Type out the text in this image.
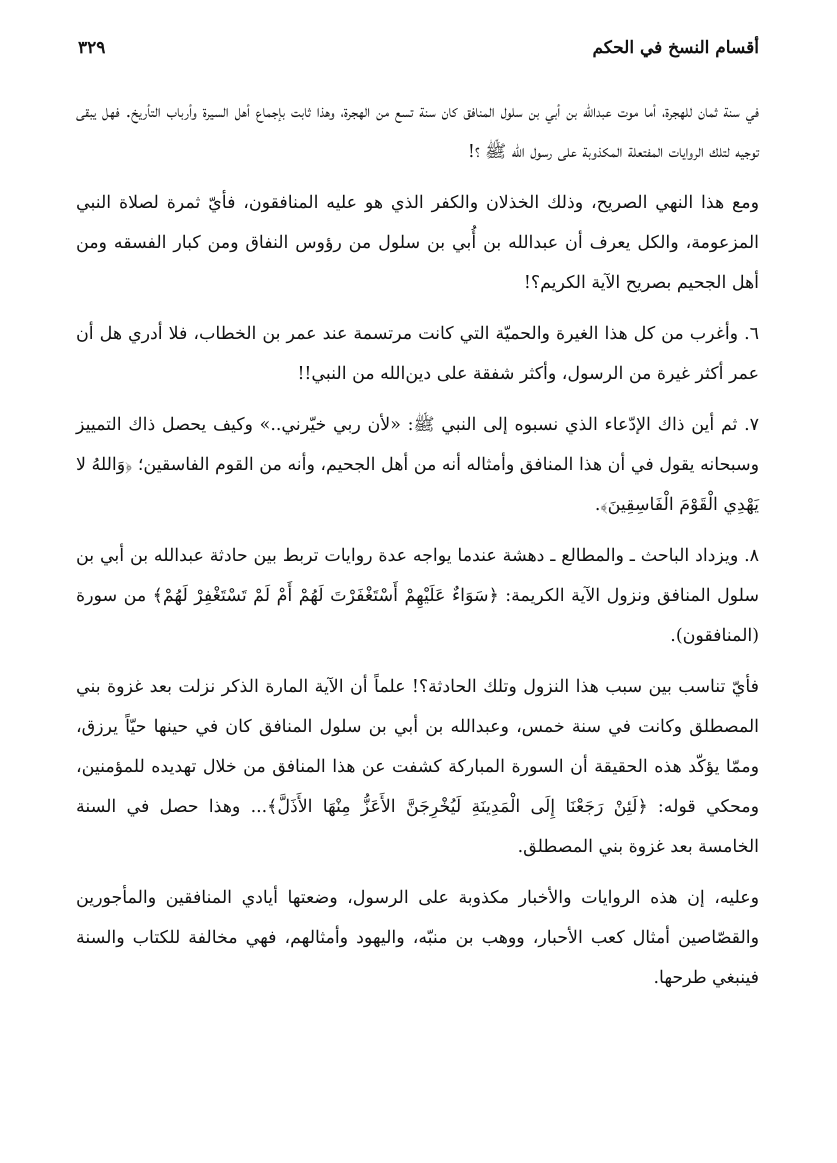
أقسام النسخ في الحكم
٣٢٩

في سنة ثمان للهجرة، أما موت عبدالله بن أبي بن سلول المنافق كان سنة تسع من الهجرة، وهذا ثابت بإجماع أهل السيرة وأرباب التأريخ. فهل يبقى توجيه لتلك الروايات المفتعلة المكذوبة على رسول الله ﷺ ؟!

ومع هذا النهي الصريح، وذلك الخذلان والكفر الذي هو عليه المنافقون، فأيّ ثمرة لصلاة النبي المزعومة، والكل يعرف أن عبدالله بن أُبي بن سلول من رؤوس النفاق ومن كبار الفسقه ومن أهل الجحيم بصريح الآية الكريم؟!

٦. وأغرب من كل هذا الغيرة والحميّة التي كانت مرتسمة عند عمر بن الخطاب، فلا أدري هل أن عمر أكثر غيرة من الرسول، وأكثر شفقة على دين‌الله من النبي!!

٧. ثم أين ذاك الإدّعاء الذي نسبوه إلى النبي ﷺ: «لأن ربي خيّرني..» وكيف يحصل ذاك التمييز وسبحانه يقول في أن هذا المنافق وأمثاله أنه من أهل الجحيم، وأنه من القوم الفاسقين؛ ﴿وَاللهُ لا يَهْدِي الْقَوْمَ الْفَاسِقِينَ﴾.

٨. ويزداد الباحث ـ والمطالع ـ دهشة عندما يواجه عدة روايات تربط بين حادثة عبدالله بن أبي بن سلول المنافق ونزول الآية الكريمة: ﴿سَوَاءٌ عَلَيْهِمْ أَسْتَغْفَرْتَ لَهُمْ أَمْ لَمْ تَسْتَغْفِرْ لَهُمْ﴾ من سورة (المنافقون).

فأيّ تناسب بين سبب هذا النزول وتلك الحادثة؟! علماً أن الآية المارة الذكر نزلت بعد غزوة بني المصطلق وكانت في سنة خمس، وعبدالله بن أبي بن سلول المنافق كان في حينها حيّاً يرزق، وممّا يؤكّد هذه الحقيقة أن السورة المباركة كشفت عن هذا المنافق من خلال تهديده للمؤمنين، ومحكي قوله: ﴿لَئِنْ رَجَعْنَا إِلَى الْمَدِينَةِ لَيُخْرِجَنَّ الأَعَزُّ مِنْهَا الأَذَلَّ﴾... وهذا حصل في السنة الخامسة بعد غزوة بني المصطلق.

وعليه، إن هذه الروايات والأخبار مكذوبة على الرسول، وضعتها أيادي المنافقين والمأجورين والقصّاصين أمثال كعب الأحبار، ووهب بن منبّه، واليهود وأمثالهم، فهي مخالفة للكتاب والسنة فينبغي طرحها.
